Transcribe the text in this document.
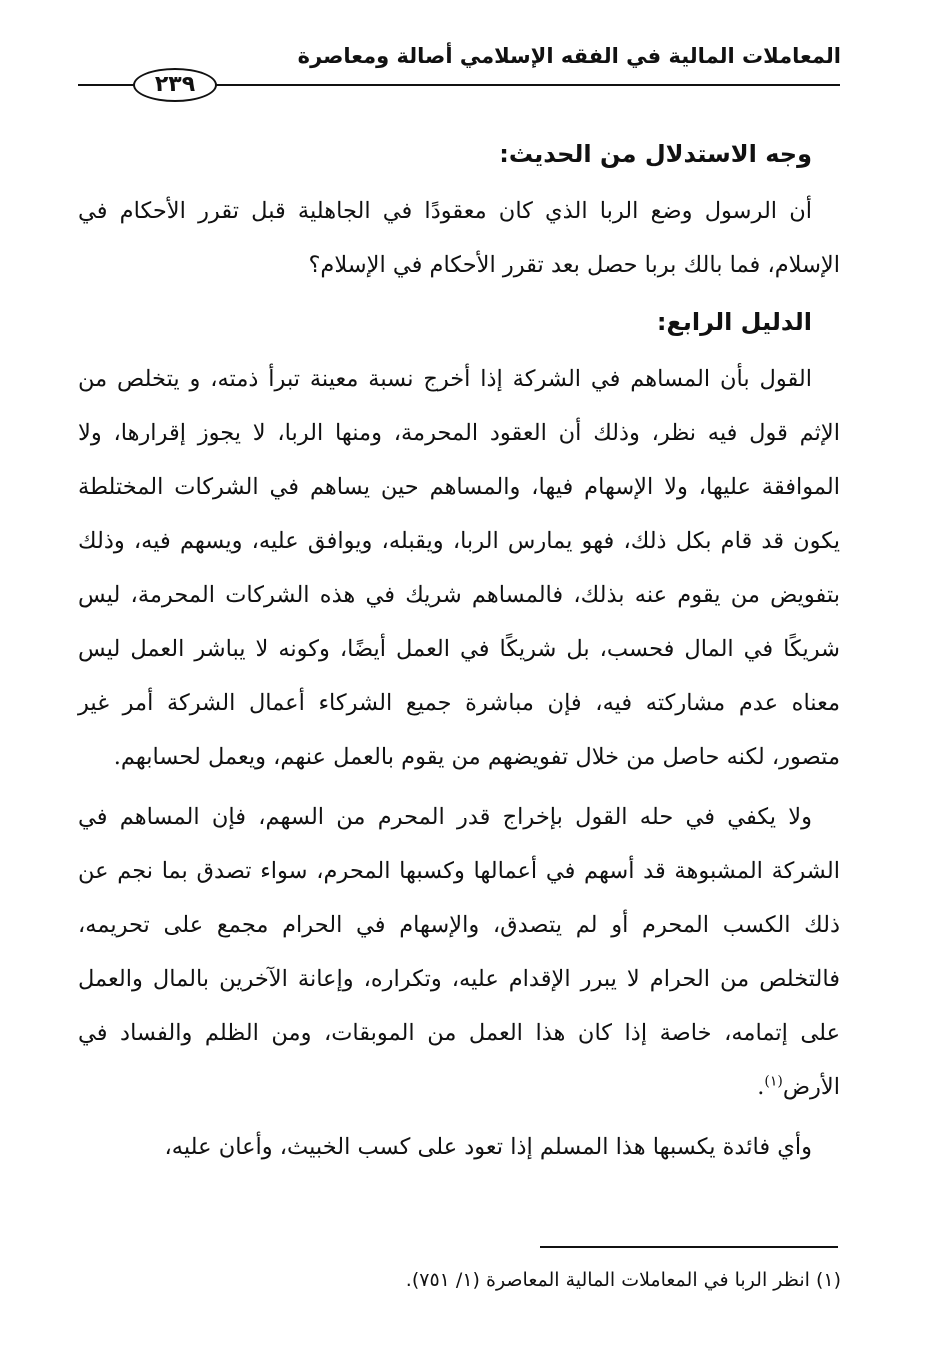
المعاملات المالية في الفقه الإسلامي أصالة ومعاصرة
٢٣٩

وجه الاستدلال من الحديث:

أن الرسول وضع الربا الذي كان معقودًا في الجاهلية قبل تقرر الأحكام في الإسلام، فما بالك بربا حصل بعد تقرر الأحكام في الإسلام؟

الدليل الرابع:

القول بأن المساهم في الشركة إذا أخرج نسبة معينة تبرأ ذمته، و يتخلص من الإثم قول فيه نظر، وذلك أن العقود المحرمة، ومنها الربا، لا يجوز إقرارها، ولا الموافقة عليها، ولا الإسهام فيها، والمساهم حين يساهم في الشركات المختلطة يكون قد قام بكل ذلك، فهو يمارس الربا، ويقبله، ويوافق عليه، ويسهم فيه، وذلك بتفويض من يقوم عنه بذلك، فالمساهم شريك في هذه الشركات المحرمة، ليس شريكًا في المال فحسب، بل شريكًا في العمل أيضًا، وكونه لا يباشر العمل ليس معناه عدم مشاركته فيه، فإن مباشرة جميع الشركاء أعمال الشركة أمر غير متصور، لكنه حاصل من خلال تفويضهم من يقوم بالعمل عنهم، ويعمل لحسابهم.

ولا يكفي في حله القول بإخراج قدر المحرم من السهم، فإن المساهم في الشركة المشبوهة قد أسهم في أعمالها وكسبها المحرم، سواء تصدق بما نجم عن ذلك الكسب المحرم أو لم يتصدق، والإسهام في الحرام مجمع على تحريمه، فالتخلص من الحرام لا يبرر الإقدام عليه، وتكراره، وإعانة الآخرين بالمال والعمل على إتمامه، خاصة إذا كان هذا العمل من الموبقات، ومن الظلم والفساد في الأرض$^{(١)}$.

وأي فائدة يكسبها هذا المسلم إذا تعود على كسب الخبيث، وأعان عليه،

(١) انظر الربا في المعاملات المالية المعاصرة (١/ ٧٥١).
